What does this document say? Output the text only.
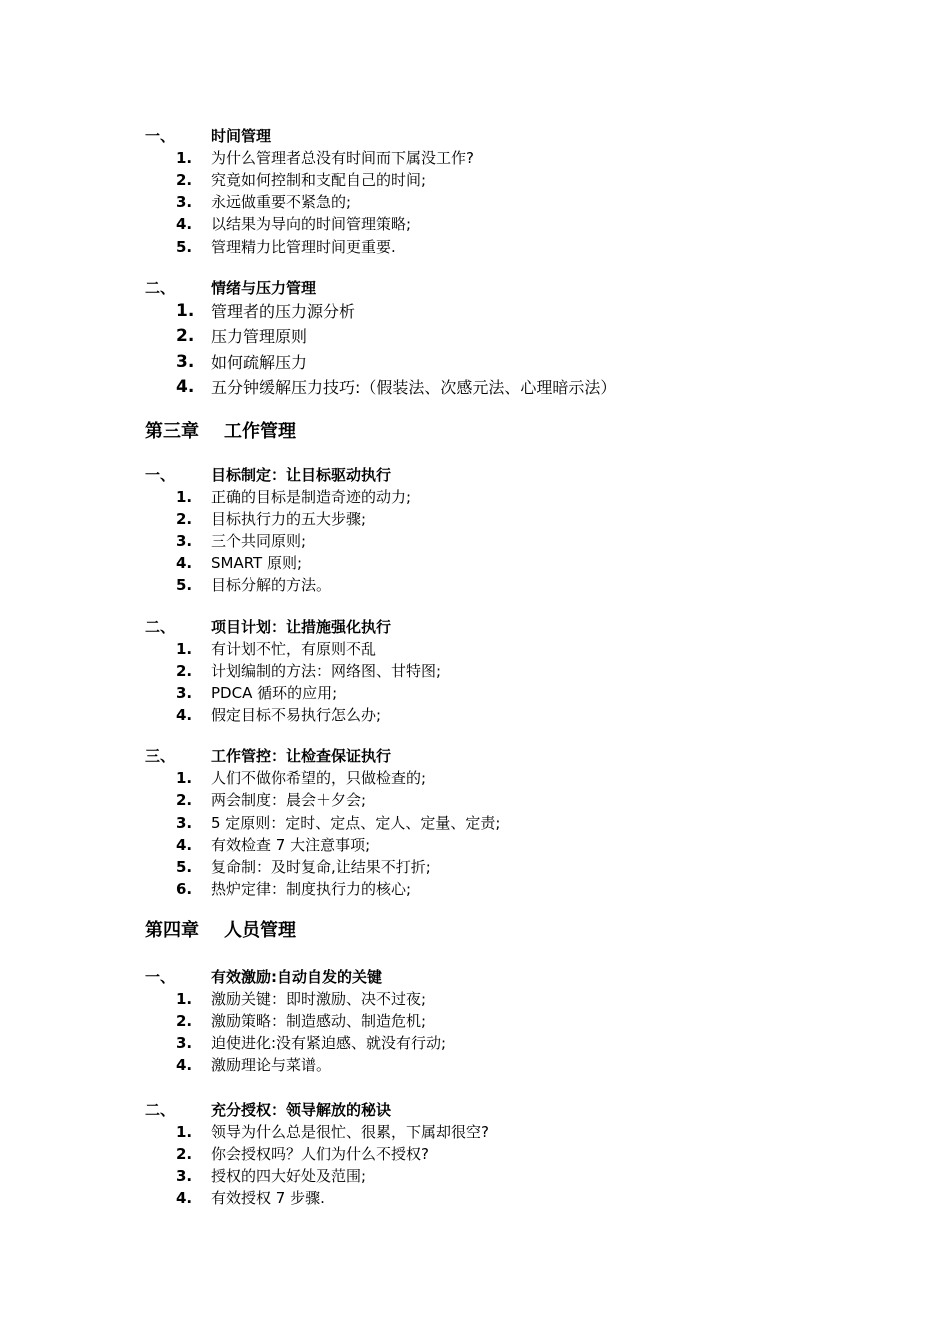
一、 时间管理
1. 为什么管理者总没有时间而下属没工作?
2. 究竟如何控制和支配自己的时间;
3. 永远做重要不紧急的;
4. 以结果为导向的时间管理策略;
5. 管理精力比管理时间更重要.
二、 情绪与压力管理
1. 管理者的压力源分析
2. 压力管理原则
3. 如何疏解压力
4. 五分钟缓解压力技巧:（假装法、次感元法、心理暗示法）
第三章 工作管理
一、 目标制定：让目标驱动执行
1. 正确的目标是制造奇迹的动力;
2. 目标执行力的五大步骤;
3. 三个共同原则;
4. SMART 原则;
5. 目标分解的方法。
二、 项目计划：让措施强化执行
1. 有计划不忙，有原则不乱
2. 计划编制的方法：网络图、甘特图;
3. PDCA 循环的应用;
4. 假定目标不易执行怎么办;
三、 工作管控：让检查保证执行
1. 人们不做你希望的，只做检查的;
2. 两会制度：晨会＋夕会;
3. 5 定原则：定时、定点、定人、定量、定责;
4. 有效检查 7 大注意事项;
5. 复命制：及时复命,让结果不打折;
6. 热炉定律：制度执行力的核心;
第四章 人员管理
一、 有效激励:自动自发的关键
1. 激励关键：即时激励、决不过夜;
2. 激励策略：制造感动、制造危机;
3. 迫使进化:没有紧迫感、就没有行动;
4. 激励理论与菜谱。
二、 充分授权：领导解放的秘诀
1. 领导为什么总是很忙、很累，下属却很空?
2. 你会授权吗？人们为什么不授权?
3. 授权的四大好处及范围;
4. 有效授权 7 步骤.
